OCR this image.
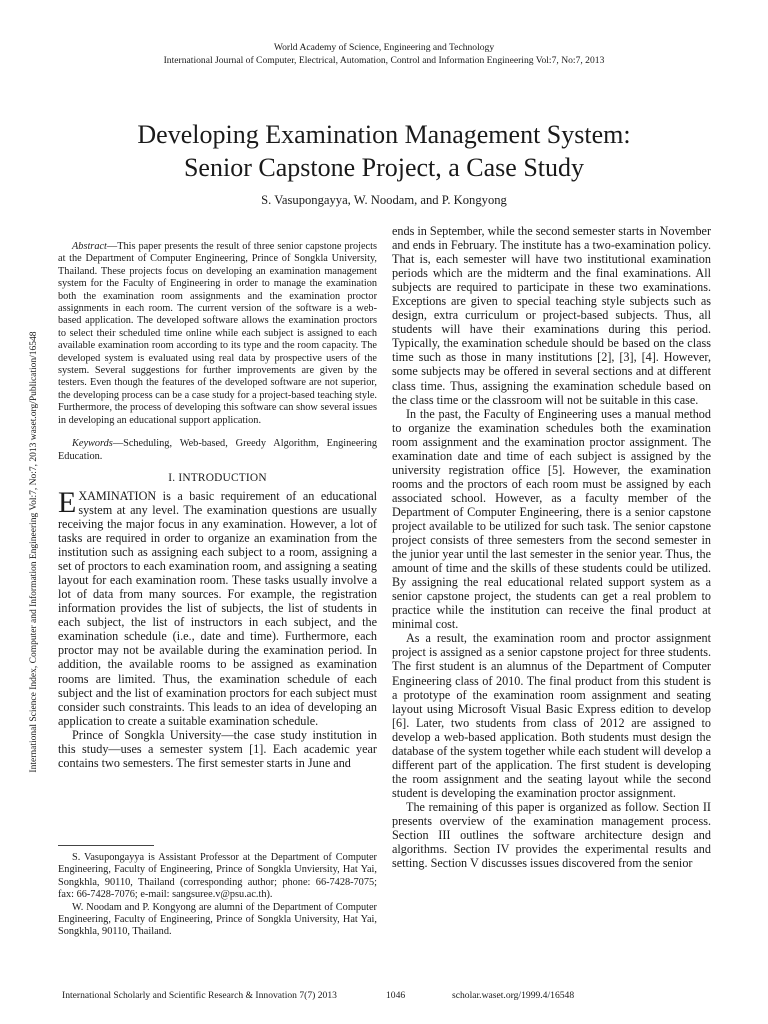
World Academy of Science, Engineering and Technology
International Journal of Computer, Electrical, Automation, Control and Information Engineering Vol:7, No:7, 2013
Developing Examination Management System:
Senior Capstone Project, a Case Study
S. Vasupongayya, W. Noodam, and P. Kongyong
International Science Index, Computer and Information Engineering Vol:7, No:7, 2013 waset.org/Publication/16548

Abstract—This paper presents the result of three senior capstone projects at the Department of Computer Engineering, Prince of Songkla University, Thailand. These projects focus on developing an examination management system for the Faculty of Engineering in order to manage the examination both the examination room assignments and the examination proctor assignments in each room. The current version of the software is a web-based application. The developed software allows the examination proctors to select their scheduled time online while each subject is assigned to each available examination room according to its type and the room capacity. The developed system is evaluated using real data by prospective users of the system. Several suggestions for further improvements are given by the testers. Even though the features of the developed software are not superior, the developing process can be a case study for a project-based teaching style. Furthermore, the process of developing this software can show several issues in developing an educational support application.

Keywords—Scheduling, Web-based, Greedy Algorithm, Engineering Education.

I. INTRODUCTION

EXAMINATION is a basic requirement of an educational system at any level. The examination questions are usually receiving the major focus in any examination. However, a lot of tasks are required in order to organize an examination from the institution such as assigning each subject to a room, assigning a set of proctors to each examination room, and assigning a seating layout for each examination room. These tasks usually involve a lot of data from many sources. For example, the registration information provides the list of subjects, the list of students in each subject, the list of instructors in each subject, and the examination schedule (i.e., date and time). Furthermore, each proctor may not be available during the examination period. In addition, the available rooms to be assigned as examination rooms are limited. Thus, the examination schedule of each subject and the list of examination proctors for each subject must consider such constraints. This leads to an idea of developing an application to create a suitable examination schedule.

Prince of Songkla University—the case study institution in this study—uses a semester system [1]. Each academic year contains two semesters. The first semester starts in June and

S. Vasupongayya is Assistant Professor at the Department of Computer Engineering, Faculty of Engineering, Prince of Songkla Unviersity, Hat Yai, Songkhla, 90110, Thailand (corresponding author; phone: 66-7428-7075; fax: 66-7428-7076; e-mail: sangsuree.v@psu.ac.th).

W. Noodam and P. Kongyong are alumni of the Department of Computer Engineering, Faculty of Engineering, Prince of Songkla University, Hat Yai, Songkhla, 90110, Thailand.

ends in September, while the second semester starts in November and ends in February. The institute has a two-examination policy. That is, each semester will have two institutional examination periods which are the midterm and the final examinations. All subjects are required to participate in these two examinations. Exceptions are given to special teaching style subjects such as design, extra curriculum or project-based subjects. Thus, all students will have their examinations during this period. Typically, the examination schedule should be based on the class time such as those in many institutions [2], [3], [4]. However, some subjects may be offered in several sections and at different class time. Thus, assigning the examination schedule based on the class time or the classroom will not be suitable in this case.

In the past, the Faculty of Engineering uses a manual method to organize the examination schedules both the examination room assignment and the examination proctor assignment. The examination date and time of each subject is assigned by the university registration office [5]. However, the examination rooms and the proctors of each room must be assigned by each associated school. However, as a faculty member of the Department of Computer Engineering, there is a senior capstone project available to be utilized for such task. The senior capstone project consists of three semesters from the second semester in the junior year until the last semester in the senior year. Thus, the amount of time and the skills of these students could be utilized. By assigning the real educational related support system as a senior capstone project, the students can get a real problem to practice while the institution can receive the final product at minimal cost.

As a result, the examination room and proctor assignment project is assigned as a senior capstone project for three students. The first student is an alumnus of the Department of Computer Engineering class of 2010. The final product from this student is a prototype of the examination room assignment and seating layout using Microsoft Visual Basic Express edition to develop [6]. Later, two students from class of 2012 are assigned to develop a web-based application. Both students must design the database of the system together while each student will develop a different part of the application. The first student is developing the room assignment and the seating layout while the second student is developing the examination proctor assignment.

The remaining of this paper is organized as follow. Section II presents overview of the examination management process. Section III outlines the software architecture design and algorithms. Section IV provides the experimental results and setting. Section V discusses issues discovered from the senior

International Scholarly and Scientific Research & Innovation 7(7) 2013	1046	scholar.waset.org/1999.4/16548
